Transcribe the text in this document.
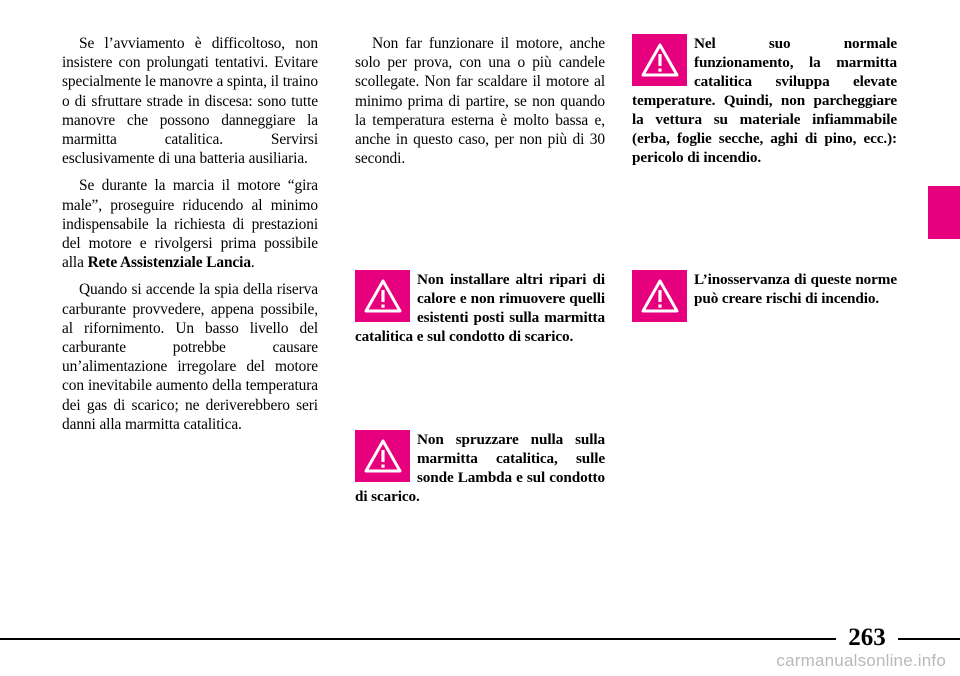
Se l’avviamento è difficoltoso, non insistere con prolungati tentativi. Evitare specialmente le manovre a spinta, il traino o di sfruttare strade in discesa: sono tutte manovre che possono danneggiare la marmitta catalitica. Servirsi esclusivamente di una batteria ausiliaria.

Se durante la marcia il motore “gira male”, proseguire riducendo al minimo indispensabile la richiesta di prestazioni del motore e rivolgersi prima possibile alla Rete Assistenziale Lancia.

Quando si accende la spia della riserva carburante provvedere, appena possibile, al rifornimento. Un basso livello del carburante potrebbe causare un’alimentazione irregolare del motore con inevitabile aumento della temperatura dei gas di scarico; ne deriverebbero seri danni alla marmitta catalitica.

Non far funzionare il motore, anche solo per prova, con una o più candele scollegate. Non far scaldare il motore al minimo prima di partire, se non quando la temperatura esterna è molto bassa e, anche in questo caso, per non più di 30 secondi.

Nel suo normale funzionamento, la marmitta catalitica sviluppa elevate temperature. Quindi, non parcheggiare la vettura su materiale infiammabile (erba, foglie secche, aghi di pino, ecc.): pericolo di incendio.

Non installare altri ripari di calore e non rimuovere quelli esistenti posti sulla marmitta catalitica e sul condotto di scarico.

L’inosservanza di queste norme può creare rischi di incendio.

Non spruzzare nulla sulla marmitta catalitica, sulle sonde Lambda e sul condotto di scarico.

263
carmanualsonline.info
